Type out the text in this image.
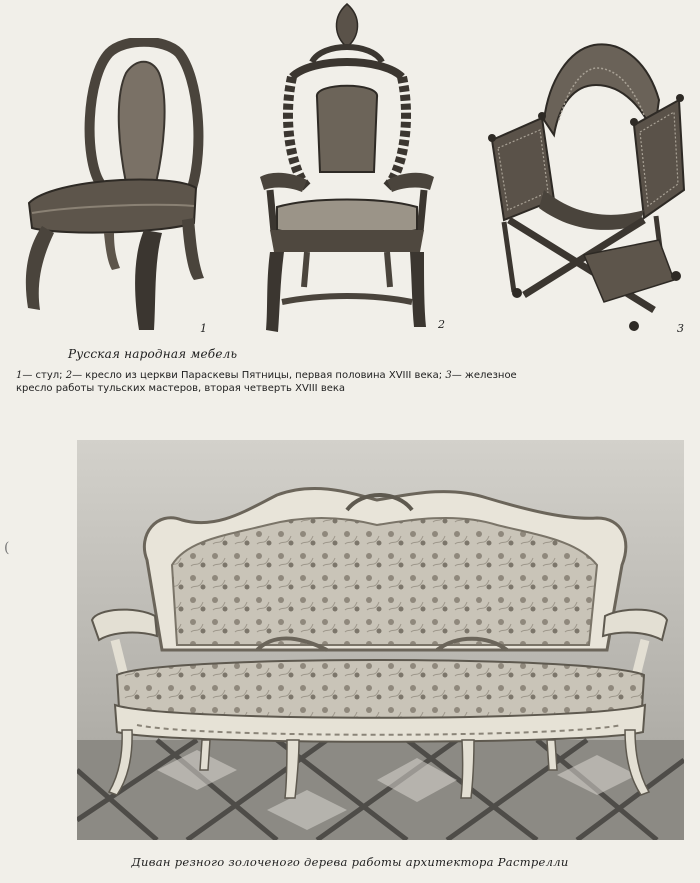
1	2	3
Русская народная мебель
1— стул; 2— кресло из церкви Параскевы Пятницы, первая половина XVIII века; 3— железное кресло работы тульских мастеров, вторая четверть XVIII века
(
Диван резного золоченого дерева работы архитектора Растрелли
